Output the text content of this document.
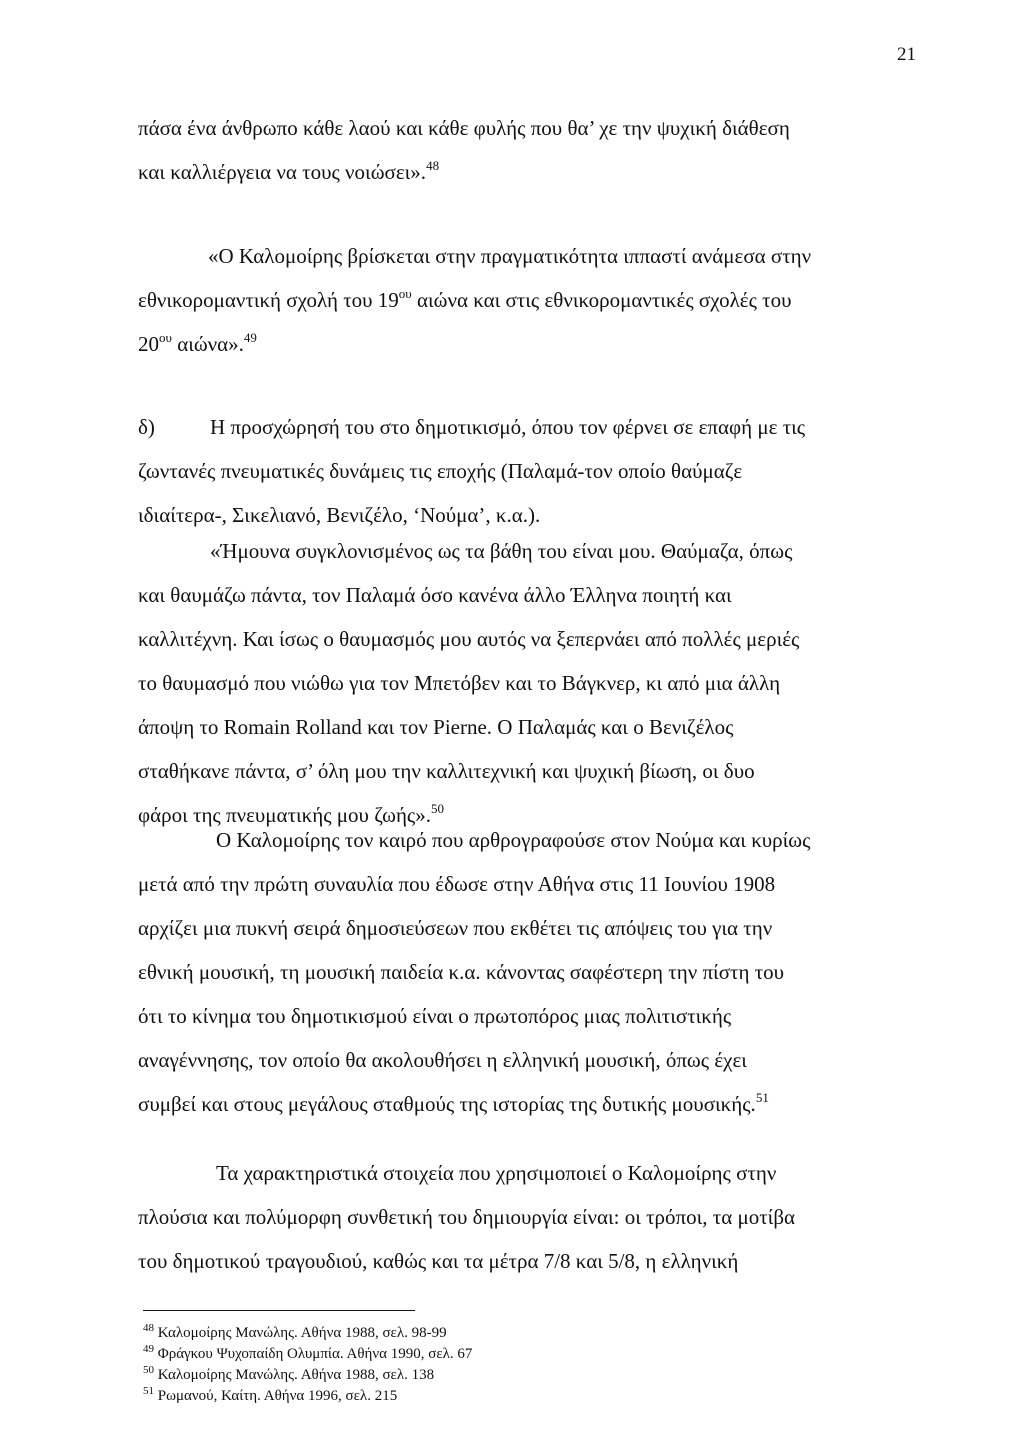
21
πάσα ένα άνθρωπο κάθε λαού και κάθε φυλής που θα’ χε την ψυχική διάθεση
και καλλιέργεια να τους νοιώσει».$^{48}$
«Ο Καλομοίρης βρίσκεται στην πραγματικότητα ιππαστί ανάμεσα στην
εθνικορομαντική σχολή του $19^{o\upsilon}$ αιώνα και στις εθνικορομαντικές σχολές του
$20^{o\upsilon}$ αιώνα».$^{49}$
δ)	Η προσχώρησή του στο δημοτικισμό, όπου τον φέρνει σε επαφή με τις
ζωντανές πνευματικές δυνάμεις τις εποχής (Παλαμά-τον οποίο θαύμαζε
ιδιαίτερα-, Σικελιανό, Βενιζέλο, ‘Νούμα’, κ.α.).
«Ήμουνα συγκλονισμένος ως τα βάθη του είναι μου. Θαύμαζα, όπως
και θαυμάζω πάντα, τον Παλαμά όσο κανένα άλλο Έλληνα ποιητή και
καλλιτέχνη. Και ίσως ο θαυμασμός μου αυτός να ξεπερνάει από πολλές μεριές
το θαυμασμό που νιώθω για τον Μπετόβεν και το Βάγκνερ, κι από μια άλλη
άποψη το Romain Rolland και τον Pierne. Ο Παλαμάς και ο Βενιζέλος
σταθήκανε πάντα, σ’ όλη μου την καλλιτεχνική και ψυχική βίωση, οι δυο
φάροι της πνευματικής μου ζωής».$^{50}$
Ο Καλομοίρης τον καιρό που αρθρογραφούσε στον Νούμα και κυρίως
μετά από την πρώτη συναυλία που έδωσε στην Αθήνα στις 11 Ιουνίου 1908
αρχίζει μια πυκνή σειρά δημοσιεύσεων που εκθέτει τις απόψεις του για την
εθνική μουσική, τη μουσική παιδεία κ.α. κάνοντας σαφέστερη την πίστη του
ότι το κίνημα του δημοτικισμού είναι ο πρωτοπόρος μιας πολιτιστικής
αναγέννησης, τον οποίο θα ακολουθήσει η ελληνική μουσική, όπως έχει
συμβεί και στους μεγάλους σταθμούς της ιστορίας της δυτικής μουσικής.$^{51}$
Τα χαρακτηριστικά στοιχεία που χρησιμοποιεί ο Καλομοίρης στην
πλούσια και πολύμορφη συνθετική του δημιουργία είναι: οι τρόποι, τα μοτίβα
του δημοτικού τραγουδιού, καθώς και τα μέτρα 7/8 και 5/8, η ελληνική
$^{48}$ Καλομοίρης Μανώλης. Αθήνα 1988, σελ. 98-99
$^{49}$ Φράγκου Ψυχοπαίδη Ολυμπία. Αθήνα 1990, σελ. 67
$^{50}$ Καλομοίρης Μανώλης. Αθήνα 1988, σελ. 138
$^{51}$ Ρωμανού, Καίτη. Αθήνα 1996, σελ. 215
